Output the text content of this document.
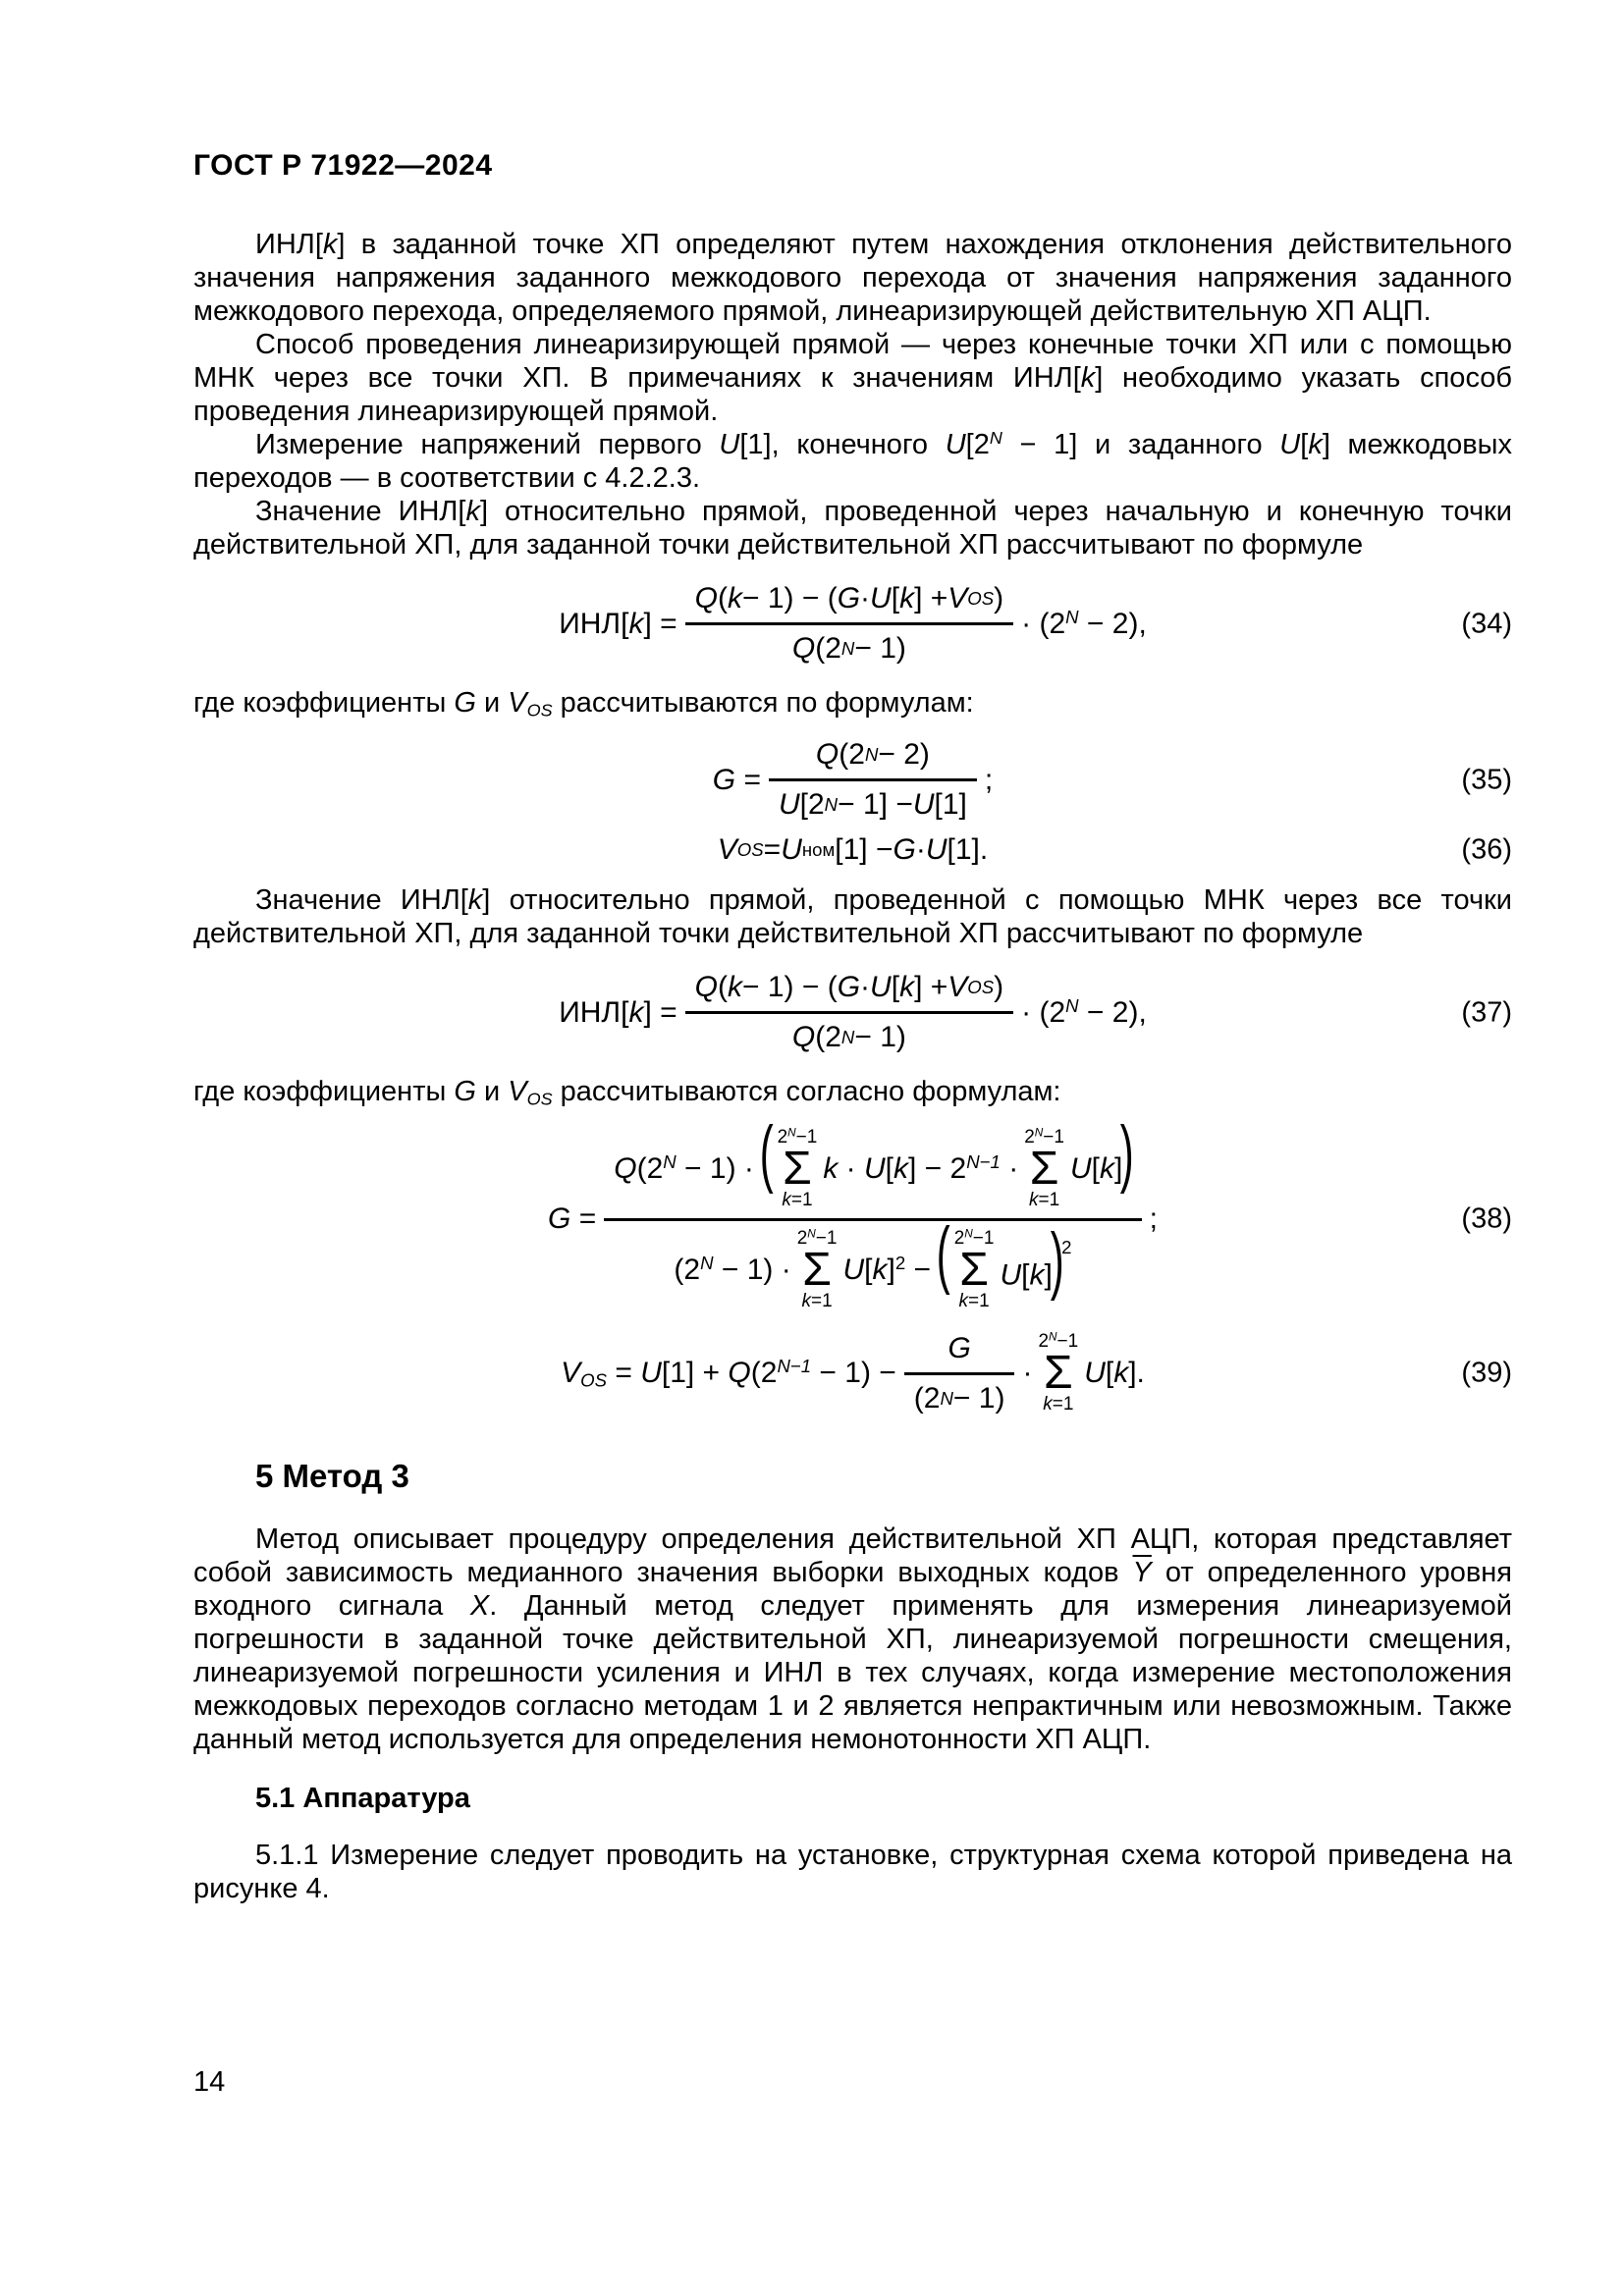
ГОСТ Р 71922—2024

ИНЛ[k] в заданной точке ХП определяют путем нахождения отклонения действительного значения напряжения заданного межкодового перехода от значения напряжения заданного межкодового перехода, определяемого прямой, линеаризирующей действительную ХП АЦП.

Способ проведения линеаризирующей прямой — через конечные точки ХП или с помощью МНК через все точки ХП. В примечаниях к значениям ИНЛ[k] необходимо указать способ проведения линеаризирующей прямой.

Измерение напряжений первого U[1], конечного $U[2^N - 1]$ и заданного U[k] межкодовых переходов — в соответствии с 4.2.2.3.

Значение ИНЛ[k] относительно прямой, проведенной через начальную и конечную точки действительной ХП, для заданной точки действительной ХП рассчитывают по формуле

$ИНЛ[k] = \frac{\text{Q ( k − 1) − ( G · U [ k ] + V OS )}}{Q (2 N - 1)} \cdot (2^N - 2)$,	(34)

где коэффициенты G и VOS рассчитываются по формулам:

$G = \frac{Q (2 N - 2)}{U [2 N - 1] - U [1]}$ ;	(35)
V OS = U ном [1] − G · U [1].	(36)

Значение ИНЛ[k] относительно прямой, проведенной с помощью МНК через все точки действительной ХП, для заданной точки действительной ХП рассчитывают по формуле

$ИНЛ[k] = \frac{\text{Q ( k − 1) − ( G · U [ k ] + V OS )}}{Q (2 N - 1)} \cdot (2^N - 2)$,	(37)

где коэффициенты G и VOS рассчитываются согласно формулам:

G =
$Q(2^N - 1)$ · ( $2^N-1$
Σ
k=1
$k \cdot U[k] - 2^{N-1}$ ·
$2^N-1$
Σ
k=1
U[k])
$(2^N - 1)$ ·
$2^N-1$
Σ
k=1
$U[k]^2$ − ( $2^N-1$
Σ
k=1
U[k])$^2$
;	(38)
VOS = $U[1] + Q(2^{N-1} - 1) - \frac{G}{(2 N - 1)}$ ·
$2^N-1$
Σ
k=1
U[k].	(39)
5 Метод 3

Метод описывает процедуру определения действительной ХП АЦП, которая представляет собой зависимость медианного значения выборки выходных кодов $\overline{Y}$ от определенного уровня входного сигнала X. Данный метод следует применять для измерения линеаризуемой погрешности в заданной точке действительной ХП, линеаризуемой погрешности смещения, линеаризуемой погрешности усиления и ИНЛ в тех случаях, когда измерение местоположения межкодовых переходов согласно методам 1 и 2 является непрактичным или невозможным. Также данный метод используется для определения немонотонности ХП АЦП.

5.1 Аппаратура

5.1.1 Измерение следует проводить на установке, структурная схема которой приведена на рисунке 4.

14
